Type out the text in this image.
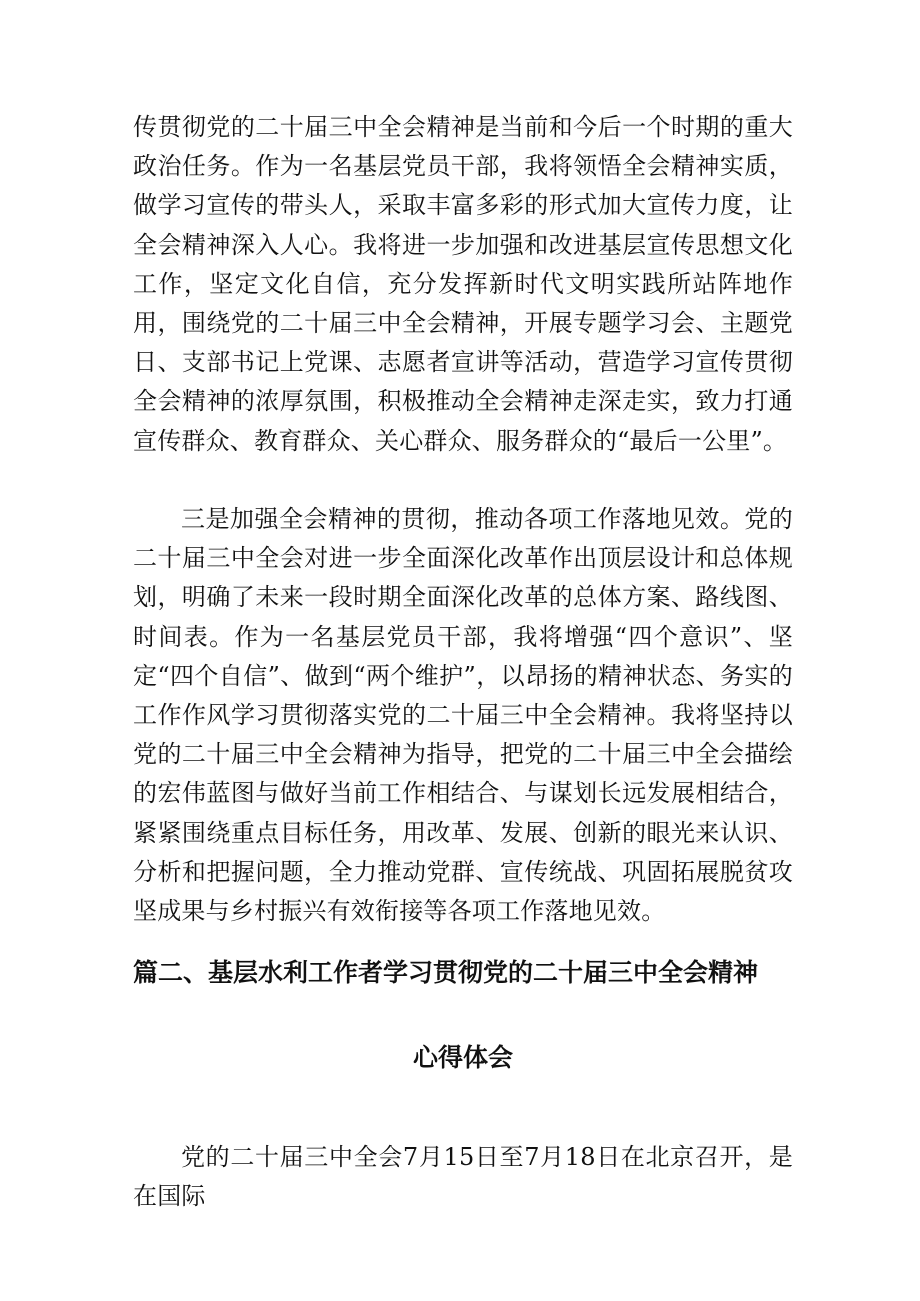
传贯彻党的二十届三中全会精神是当前和今后一个时期的重大政治任务。作为一名基层党员干部，我将领悟全会精神实质，做学习宣传的带头人，采取丰富多彩的形式加大宣传力度，让全会精神深入人心。我将进一步加强和改进基层宣传思想文化工作，坚定文化自信，充分发挥新时代文明实践所站阵地作用，围绕党的二十届三中全会精神，开展专题学习会、主题党日、支部书记上党课、志愿者宣讲等活动，营造学习宣传贯彻全会精神的浓厚氛围，积极推动全会精神走深走实，致力打通宣传群众、教育群众、关心群众、服务群众的“最后一公里”。

三是加强全会精神的贯彻，推动各项工作落地见效。党的二十届三中全会对进一步全面深化改革作出顶层设计和总体规划，明确了未来一段时期全面深化改革的总体方案、路线图、时间表。作为一名基层党员干部，我将增强“四个意识”、坚定“四个自信”、做到“两个维护”，以昂扬的精神状态、务实的工作作风学习贯彻落实党的二十届三中全会精神。我将坚持以党的二十届三中全会精神为指导，把党的二十届三中全会描绘的宏伟蓝图与做好当前工作相结合、与谋划长远发展相结合，紧紧围绕重点目标任务，用改革、发展、创新的眼光来认识、分析和把握问题，全力推动党群、宣传统战、巩固拓展脱贫攻坚成果与乡村振兴有效衔接等各项工作落地见效。

篇二、基层水利工作者学习贯彻党的二十届三中全会精神
心得体会

党的二十届三中全会7月15日至7月18日在北京召开，是在国际
